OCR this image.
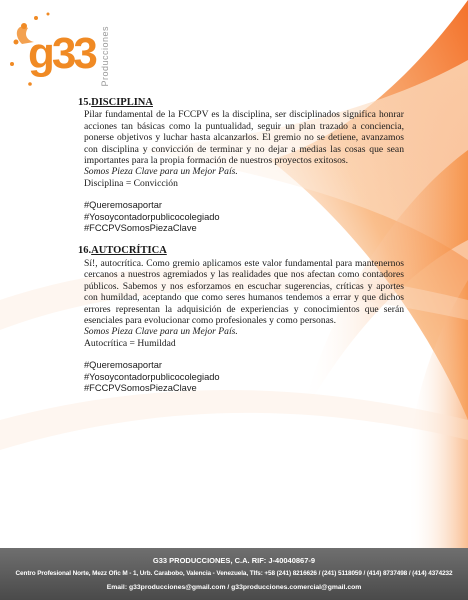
g33 Producciones

15.DISCIPLINA

Pilar fundamental de la FCCPV es la disciplina, ser disciplinados significa honrar acciones tan básicas como la puntualidad, seguir un plan trazado a conciencia, ponerse objetivos y luchar hasta alcanzarlos. El gremio no se detiene, avanzamos con disciplina y convicción de terminar y no dejar a medias las cosas que sean importantes para la propia formación de nuestros proyectos exitosos.

Somos Pieza Clave para un Mejor País.

Disciplina = Convicción

#Queremosaportar

#Yosoycontadorpublicocolegiado

#FCCPVSomosPiezaClave

16.AUTOCRÍTICA

Sí!, autocrítica. Como gremio aplicamos este valor fundamental para mantenernos cercanos a nuestros agremiados y las realidades que nos afectan como contadores públicos. Sabemos y nos esforzamos en escuchar sugerencias, críticas y aportes con humildad, aceptando que como seres humanos tendemos a errar y que dichos errores representan la adquisición de experiencias y conocimientos que serán esenciales para evolucionar como profesionales y como personas.

Somos Pieza Clave para un Mejor País.

Autocrítica = Humildad

#Queremosaportar

#Yosoycontadorpublicocolegiado

#FCCPVSomosPiezaClave

G33 PRODUCCIONES, C.A. RIF: J-40040867-9
Centro Profesional Norte, Mezz Ofic M - 1, Urb. Carabobo, Valencia - Venezuela, Tlfs: +58 (241) 8216626 / (241) 5118059 / (414) 8737498 / (414) 4374232
Email: g33producciones@gmail.com / g33producciones.comercial@gmail.com
